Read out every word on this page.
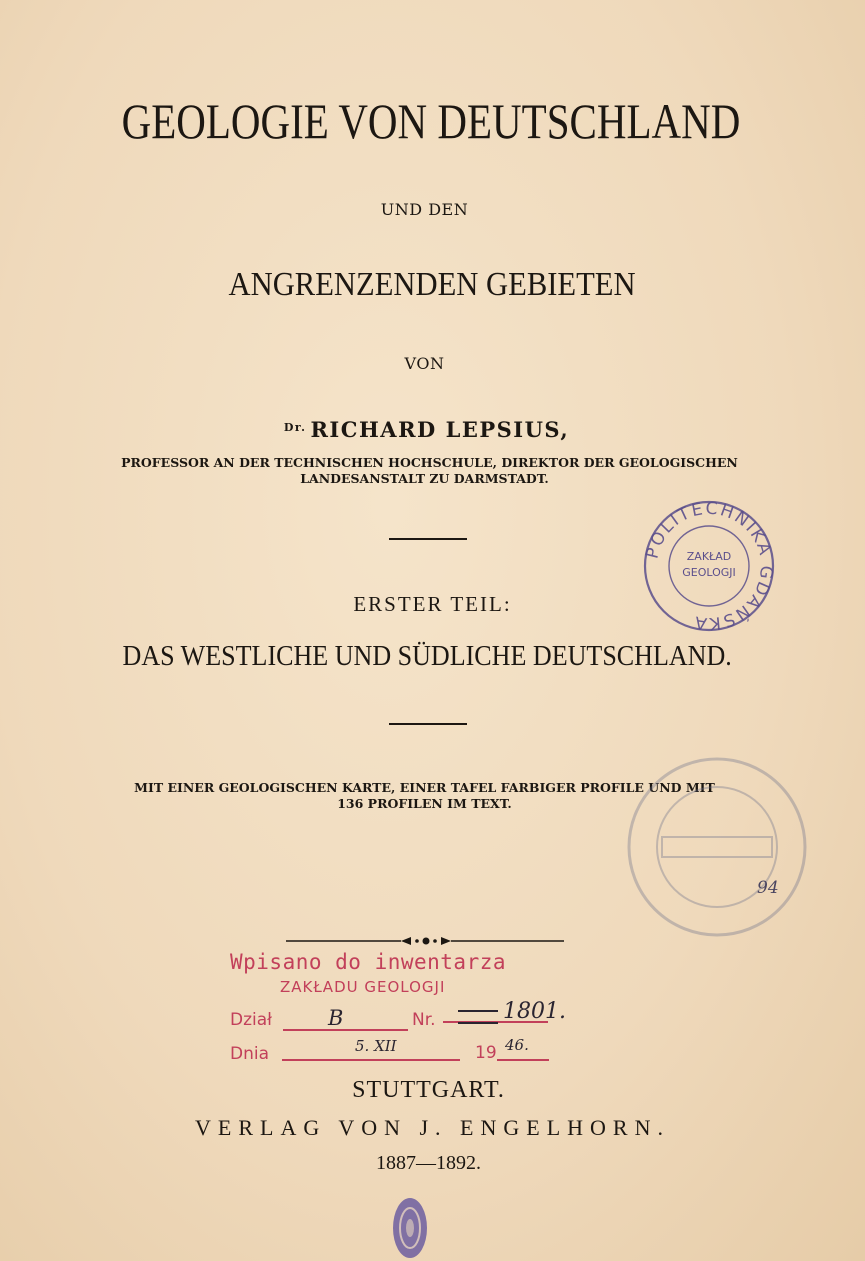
GEOLOGIE VON DEUTSCHLAND
UND DEN
ANGRENZENDEN GEBIETEN
VON
$^{Dr.}$ RICHARD LEPSIUS,
PROFESSOR AN DER TECHNISCHEN HOCHSCHULE, DIREKTOR DER GEOLOGISCHEN
LANDESANSTALT ZU DARMSTADT.
ERSTER TEIL:
DAS WESTLICHE UND SÜDLICHE DEUTSCHLAND.
MIT EINER GEOLOGISCHEN KARTE, EINER TAFEL FARBIGER PROFILE UND MIT
136 PROFILEN IM TEXT.
POLITECHNIKA GDAŃSKA
ZAKŁAD
GEOLOGJI
94
Wpisano do inwentarza
ZAKŁADU GEOLOGJI
Dział	B	Nr.	1801.
Dnia	5. XII	19 46.
STUTTGART.
VERLAG VON J. ENGELHORN.
1887—1892.
